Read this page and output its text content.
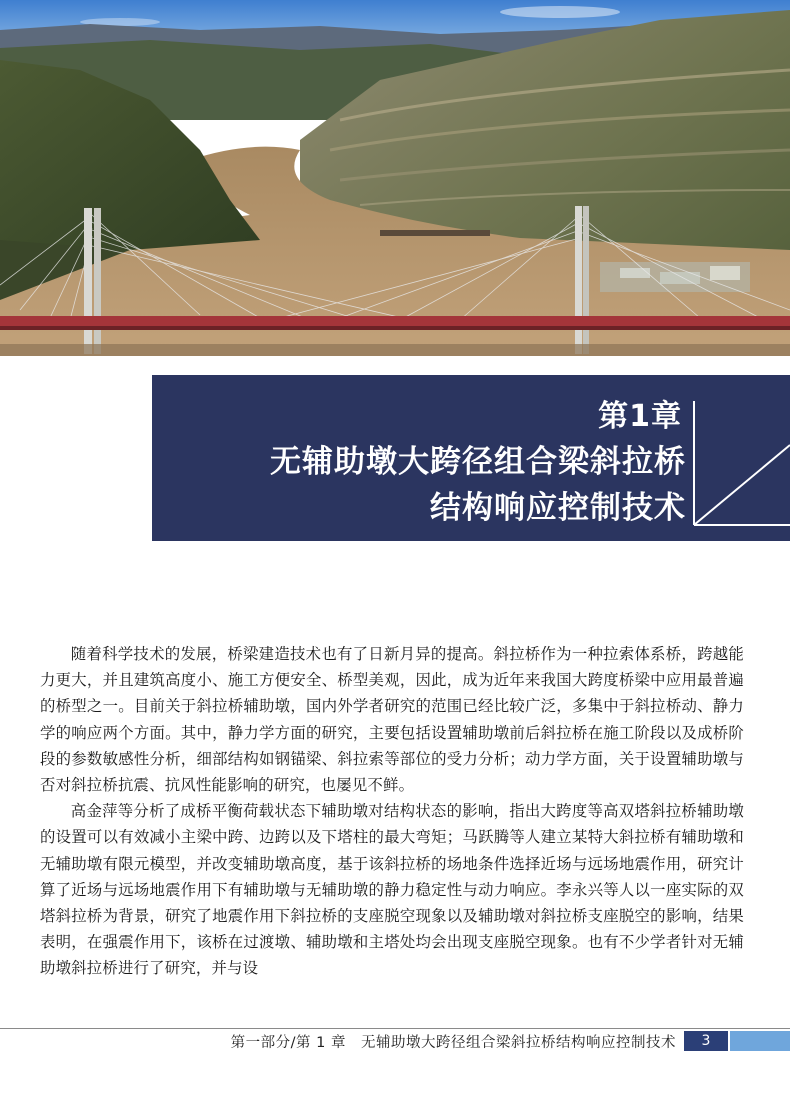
第1章
无辅助墩大跨径组合梁斜拉桥
结构响应控制技术

随着科学技术的发展，桥梁建造技术也有了日新月异的提高。斜拉桥作为一种拉索体系桥，跨越能力更大，并且建筑高度小、施工方便安全、桥型美观，因此，成为近年来我国大跨度桥梁中应用最普遍的桥型之一。目前关于斜拉桥辅助墩，国内外学者研究的范围已经比较广泛，多集中于斜拉桥动、静力学的响应两个方面。其中，静力学方面的研究，主要包括设置辅助墩前后斜拉桥在施工阶段以及成桥阶段的参数敏感性分析，细部结构如钢锚梁、斜拉索等部位的受力分析；动力学方面，关于设置辅助墩与否对斜拉桥抗震、抗风性能影响的研究，也屡见不鲜。

高金萍等分析了成桥平衡荷载状态下辅助墩对结构状态的影响，指出大跨度等高双塔斜拉桥辅助墩的设置可以有效减小主梁中跨、边跨以及下塔柱的最大弯矩；马跃腾等人建立某特大斜拉桥有辅助墩和无辅助墩有限元模型，并改变辅助墩高度，基于该斜拉桥的场地条件选择近场与远场地震作用，研究计算了近场与远场地震作用下有辅助墩与无辅助墩的静力稳定性与动力响应。李永兴等人以一座实际的双塔斜拉桥为背景，研究了地震作用下斜拉桥的支座脱空现象以及辅助墩对斜拉桥支座脱空的影响，结果表明，在强震作用下，该桥在过渡墩、辅助墩和主塔处均会出现支座脱空现象。也有不少学者针对无辅助墩斜拉桥进行了研究，并与设

第一部分/第 1 章　无辅助墩大跨径组合梁斜拉桥结构响应控制技术	3
